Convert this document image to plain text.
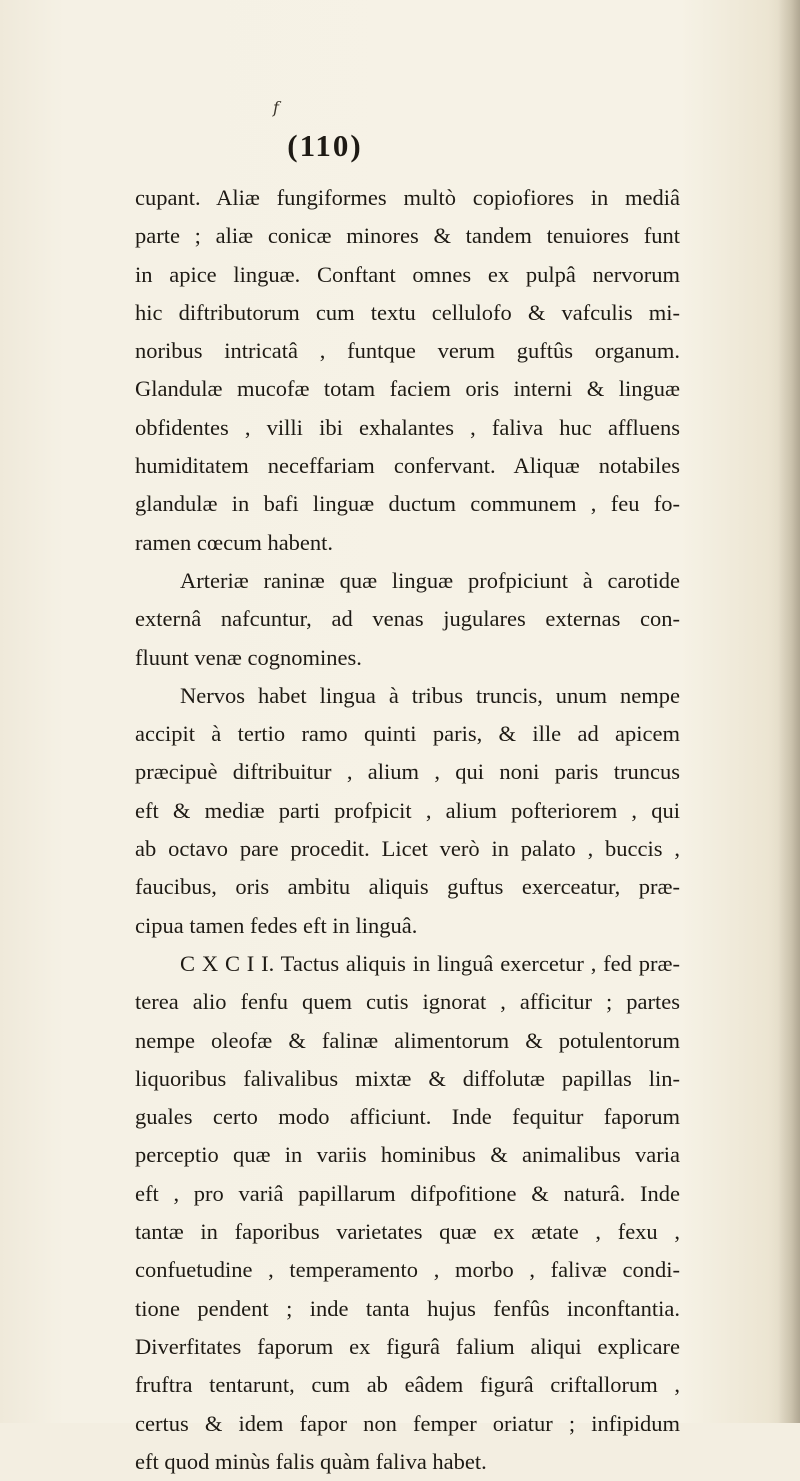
f
(110)
cupant. Aliæ fungiformes multò copiofiores in mediâ
parte ; aliæ conicæ minores & tandem tenuiores funt
in apice linguæ. Conftant omnes ex pulpâ nervorum
hic diftributorum cum textu cellulofo & vafculis mi-
noribus intricatâ , funtque verum guftûs organum.
Glandulæ mucofæ totam faciem oris interni & linguæ
obfidentes , villi ibi exhalantes , faliva huc affluens
humiditatem neceffariam confervant. Aliquæ notabiles
glandulæ in bafi linguæ ductum communem , feu fo-
ramen cœcum habent.
Arteriæ raninæ quæ linguæ profpiciunt à carotide
externâ nafcuntur, ad venas jugulares externas con-
fluunt venæ cognomines.
Nervos habet lingua à tribus truncis, unum nempe
accipit à tertio ramo quinti paris, & ille ad apicem
præcipuè diftribuitur , alium , qui noni paris truncus
eft & mediæ parti profpicit , alium pofteriorem , qui
ab octavo pare procedit. Licet verò in palato , buccis ,
faucibus, oris ambitu aliquis guftus exerceatur, præ-
cipua tamen fedes eft in linguâ.
C X C I I. Tactus aliquis in linguâ exercetur , fed præ-
terea alio fenfu quem cutis ignorat , afficitur ; partes
nempe oleofæ & falinæ alimentorum & potulentorum
liquoribus falivalibus mixtæ & diffolutæ papillas lin-
guales certo modo afficiunt. Inde fequitur faporum
perceptio quæ in variis hominibus & animalibus varia
eft , pro variâ papillarum difpofitione & naturâ. Inde
tantæ in faporibus varietates quæ ex ætate , fexu ,
confuetudine , temperamento , morbo , falivæ condi-
tione pendent ; inde tanta hujus fenfûs inconftantia.
Diverfitates faporum ex figurâ falium aliqui explicare
fruftra tentarunt, cum ab eâdem figurâ criftallorum ,
certus & idem fapor non femper oriatur ; infipidum
eft quod minùs falis quàm faliva habet.
